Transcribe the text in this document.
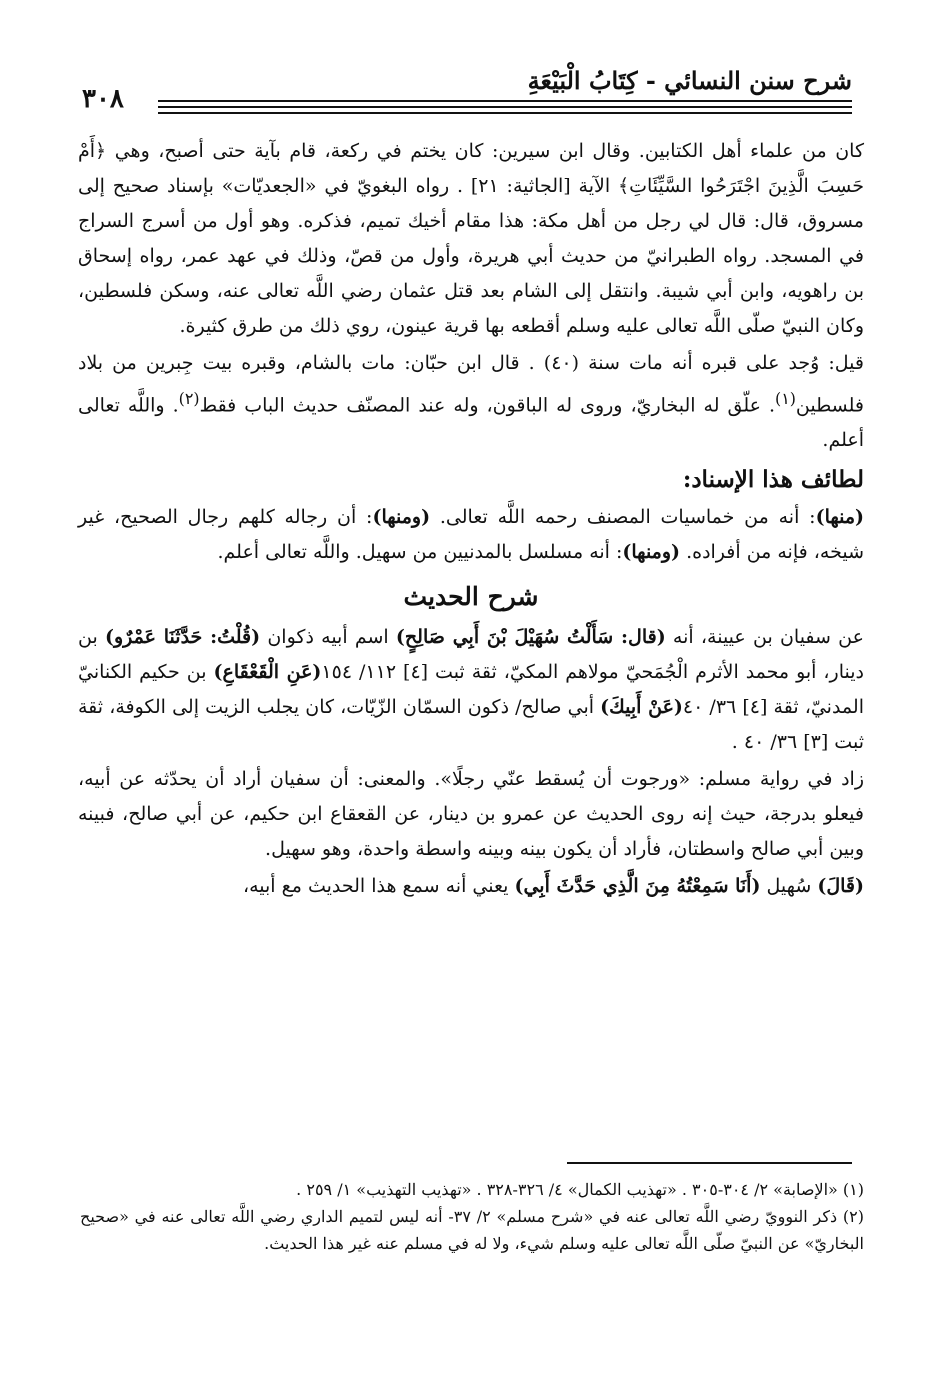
شرح سنن النسائي - كِتَابُ الْبَيْعَةِ
٣٠٨

كان من علماء أهل الكتابين. وقال ابن سيرين: كان يختم في ركعة، قام بآية حتى أصبح، وهي ﴿أَمْ حَسِبَ الَّذِينَ اجْتَرَحُوا السَّيِّئَاتِ﴾ الآية [الجاثية: ٢١] . رواه البغويّ في «الجعديّات» بإسناد صحيح إلى مسروق، قال: قال لي رجل من أهل مكة: هذا مقام أخيك تميم، فذكره. وهو أول من أسرج السراج في المسجد. رواه الطبرانيّ من حديث أبي هريرة، وأول من قصّ، وذلك في عهد عمر، رواه إسحاق بن راهويه، وابن أبي شيبة. وانتقل إلى الشام بعد قتل عثمان رضي اللَّه تعالى عنه، وسكن فلسطين، وكان النبيّ صلّى اللَّه تعالى عليه وسلم أقطعه بها قرية عينون، روي ذلك من طرق كثيرة.

قيل: وُجد على قبره أنه مات سنة (٤٠) . قال ابن حبّان: مات بالشام، وقبره بيت جِبرين من بلاد فلسطين$^{(١)}$. علّق له البخاريّ، وروى له الباقون، وله عند المصنّف حديث الباب فقط$^{(٢)}$. واللَّه تعالى أعلم.

لطائف هذا الإسناد:

(منها): أنه من خماسيات المصنف رحمه اللَّه تعالى. (ومنها): أن رجاله كلهم رجال الصحيح، غير شيخه، فإنه من أفراده. (ومنها): أنه مسلسل بالمدنيين من سهيل. واللَّه تعالى أعلم.

شرح الحديث

عن سفيان بن عيينة، أنه (قال: سَأَلْتُ سُهَيْلَ بْنَ أَبِي صَالِحٍ) اسم أبيه ذكوان (قُلْتُ: حَدَّثَنَا عَمْرٌو) بن دينار، أبو محمد الأثرم الْجُمَحيّ مولاهم المكيّ، ثقة ثبت [٤] ١١٢/ ١٥٤(عَنِ الْقَعْقَاعِ) بن حكيم الكنانيّ المدنيّ، ثقة [٤] ٣٦/ ٤٠(عَنْ أَبِيكَ) أبي صالح/ ذكون السمّان الزّيّات، كان يجلب الزيت إلى الكوفة، ثقة ثبت [٣] ٣٦/ ٤٠ .

زاد في رواية مسلم: «ورجوت أن يُسقط عنّي رجلًا». والمعنى: أن سفيان أراد أن يحدّثه عن أبيه، فيعلو بدرجة، حيث إنه روى الحديث عن عمرو بن دينار، عن القعقاع ابن حكيم، عن أبي صالح، فبينه وبين أبي صالح واسطتان، فأراد أن يكون بينه وبينه واسطة واحدة، وهو سهيل.

(قَالَ) سُهيل (أَنَا سَمِعْتُهُ مِنَ الَّذِي حَدَّثَ أَبِي) يعني أنه سمع هذا الحديث مع أبيه،

(١) «الإصابة» ٢/ ٣٠٤-٣٠٥ . «تهذيب الكمال» ٤/ ٣٢٦-٣٢٨ . «تهذيب التهذيب» ١/ ٢٥٩ .

(٢) ذكر النوويّ رضي اللَّه تعالى عنه في «شرح مسلم» ٢/ ٣٧- أنه ليس لتميم الداري رضي اللَّه تعالى عنه في «صحيح البخاريّ» عن النبيّ صلّى اللَّه تعالى عليه وسلم شيء، ولا له في مسلم عنه غير هذا الحديث.
